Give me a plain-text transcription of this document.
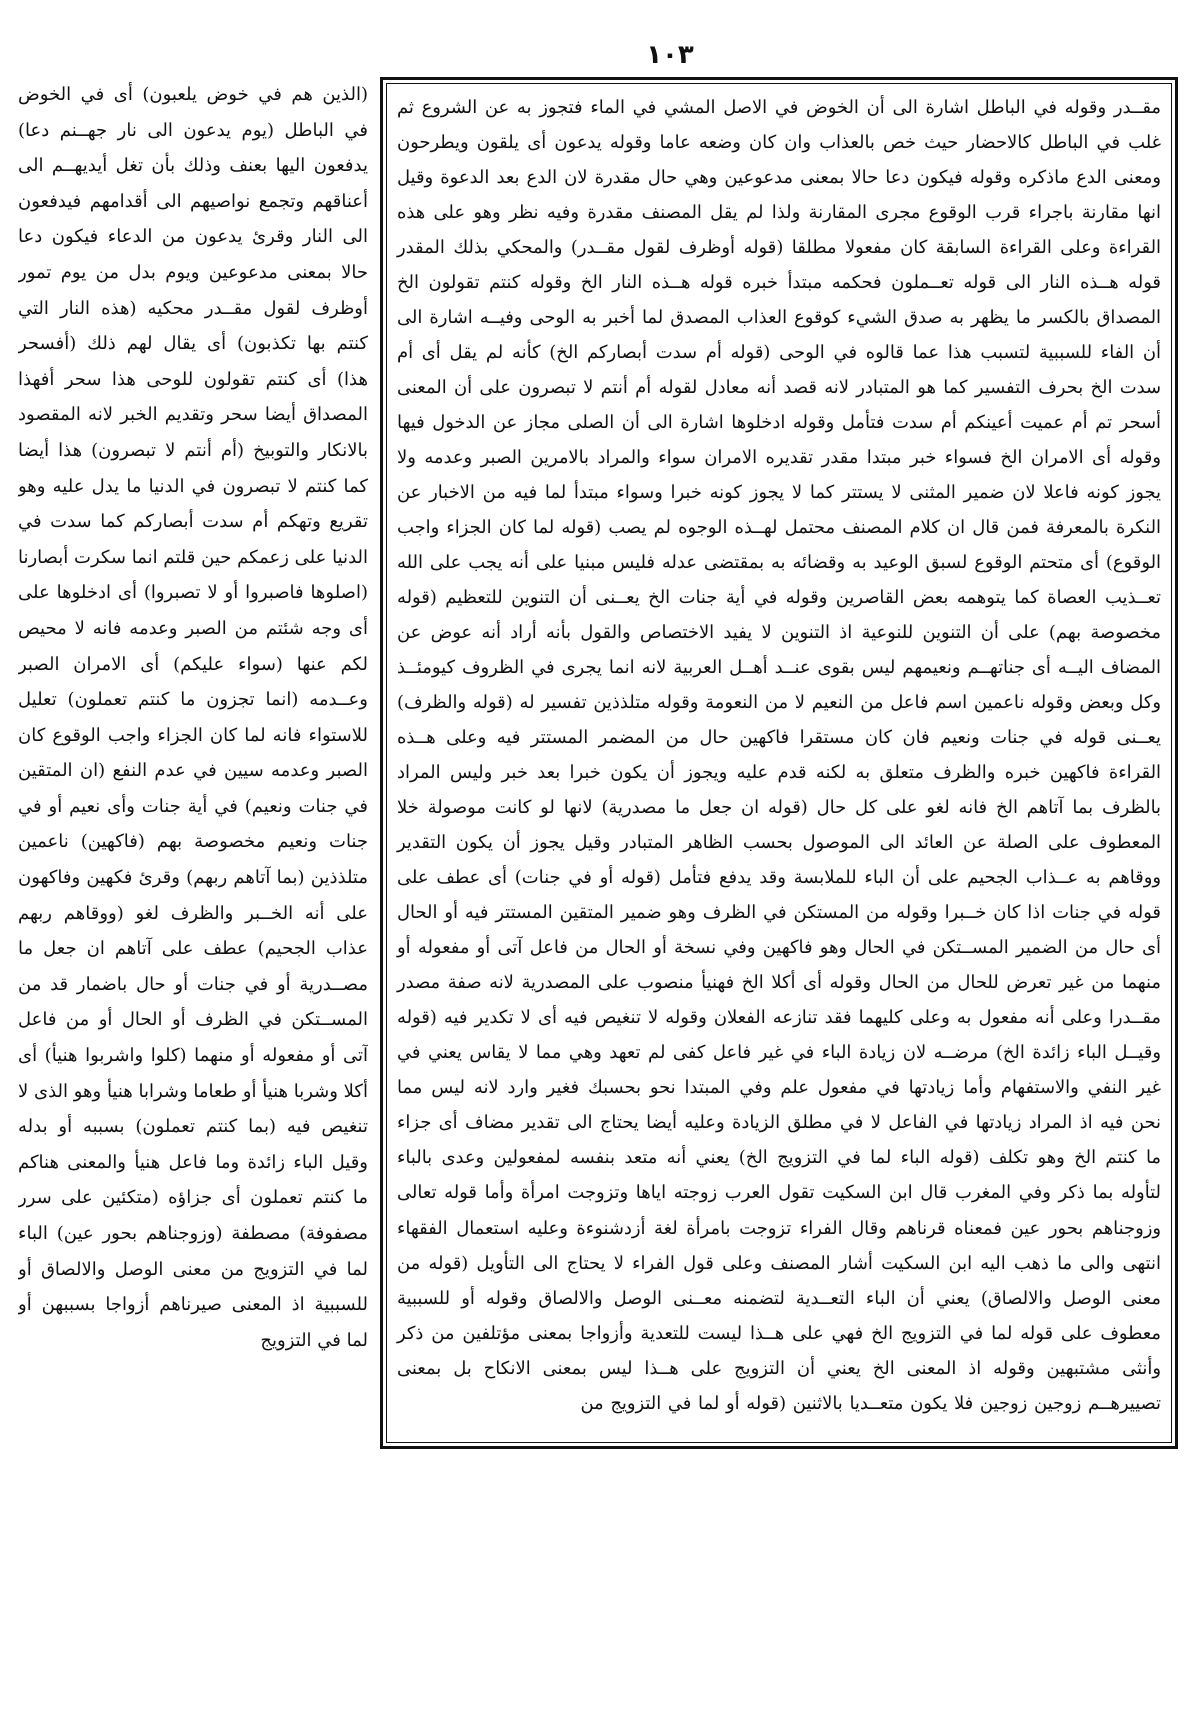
١٠٣

مقــدر وقوله في الباطل اشارة الى أن الخوض في الاصل المشي في الماء فتجوز به عن الشروع ثم غلب في الباطل كالاحضار حيث خص بالعذاب وان كان وضعه عاما وقوله يدعون أى يلقون ويطرحون ومعنى الدع ماذكره وقوله فيكون دعا حالا بمعنى مدعوعين وهي حال مقدرة لان الدع بعد الدعوة وقيل انها مقارنة باجراء قرب الوقوع مجرى المقارنة ولذا لم يقل المصنف مقدرة وفيه نظر وهو على هذه القراءة وعلى القراءة السابقة كان مفعولا مطلقا (قوله أوظرف لقول مقــدر) والمحكي بذلك المقدر قوله هــذه النار الى قوله تعــملون فحكمه مبتدأ خبره قوله هــذه النار الخ وقوله كنتم تقولون الخ المصداق بالكسر ما يظهر به صدق الشيء كوقوع العذاب المصدق لما أخبر به الوحى وفيــه اشارة الى أن الفاء للسببية لتسبب هذا عما قالوه في الوحى (قوله أم سدت أبصاركم الخ) كأنه لم يقل أى أم سدت الخ بحرف التفسير كما هو المتبادر لانه قصد أنه معادل لقوله أم أنتم لا تبصرون على أن المعنى أسحر تم أم عميت أعينكم أم سدت فتأمل وقوله ادخلوها اشارة الى أن الصلى مجاز عن الدخول فيها وقوله أى الامران الخ فسواء خبر مبتدا مقدر تقديره الامران سواء والمراد بالامرين الصبر وعدمه ولا يجوز كونه فاعلا لان ضمير المثنى لا يستتر كما لا يجوز كونه خبرا وسواء مبتدأ لما فيه من الاخبار عن النكرة بالمعرفة فمن قال ان كلام المصنف محتمل لهــذه الوجوه لم يصب (قوله لما كان الجزاء واجب الوقوع) أى متحتم الوقوع لسبق الوعيد به وقضائه به بمقتضى عدله فليس مبنيا على أنه يجب على الله تعــذيب العصاة كما يتوهمه بعض القاصرين وقوله في أية جنات الخ يعــنى أن التنوين للتعظيم (قوله مخصوصة بهم) على أن التنوين للنوعية اذ التنوين لا يفيد الاختصاص والقول بأنه أراد أنه عوض عن المضاف اليــه أى جناتهــم ونعيمهم ليس بقوى عنــد أهــل العربية لانه انما يجرى في الظروف كيومئــذ وكل وبعض وقوله ناعمين اسم فاعل من النعيم لا من النعومة وقوله متلذذين تفسير له (قوله والظرف) يعــنى قوله في جنات ونعيم فان كان مستقرا فاكهين حال من المضمر المستتر فيه وعلى هــذه القراءة فاكهين خبره والظرف متعلق به لكنه قدم عليه ويجوز أن يكون خبرا بعد خبر وليس المراد بالظرف بما آتاهم الخ فانه لغو على كل حال (قوله ان جعل ما مصدرية) لانها لو كانت موصولة خلا المعطوف على الصلة عن العائد الى الموصول بحسب الظاهر المتبادر وقيل يجوز أن يكون التقدير ووقاهم به عــذاب الجحيم على أن الباء للملابسة وقد يدفع فتأمل (قوله أو في جنات) أى عطف على قوله في جنات اذا كان خــبرا وقوله من المستكن في الظرف وهو ضمير المتقين المستتر فيه أو الحال أى حال من الضمير المســتكن في الحال وهو فاكهين وفي نسخة أو الحال من فاعل آتى أو مفعوله أو منهما من غير تعرض للحال من الحال وقوله أى أكلا الخ فهنيأ منصوب على المصدرية لانه صفة مصدر مقــدرا وعلى أنه مفعول به وعلى كليهما فقد تنازعه الفعلان وقوله لا تنغيص فيه أى لا تكدير فيه (قوله وقيــل الباء زائدة الخ) مرضــه لان زيادة الباء في غير فاعل كفى لم تعهد وهي مما لا يقاس يعني في غير النفي والاستفهام وأما زيادتها في مفعول علم وفي المبتدا نحو بحسبك فغير وارد لانه ليس مما نحن فيه اذ المراد زيادتها في الفاعل لا في مطلق الزيادة وعليه أيضا يحتاج الى تقدير مضاف أى جزاء ما كنتم الخ وهو تكلف (قوله الباء لما في التزويج الخ) يعني أنه متعد بنفسه لمفعولين وعدى بالباء لتأوله بما ذكر وفي المغرب قال ابن السكيت تقول العرب زوجته اياها وتزوجت امرأة وأما قوله تعالى وزوجناهم بحور عين فمعناه قرناهم وقال الفراء تزوجت بامرأة لغة أزدشنوءة وعليه استعمال الفقهاء انتهى والى ما ذهب اليه ابن السكيت أشار المصنف وعلى قول الفراء لا يحتاج الى التأويل (قوله من معنى الوصل والالصاق) يعني أن الباء التعــدية لتضمنه معــنى الوصل والالصاق وقوله أو للسببية معطوف على قوله لما في التزويج الخ فهي على هــذا ليست للتعدية وأزواجا بمعنى مؤتلفين من ذكر وأنثى مشتبهين وقوله اذ المعنى الخ يعني أن التزويج على هــذا ليس بمعنى الانكاح بل بمعنى تصييرهــم زوجين زوجين فلا يكون متعــديا بالاثنين (قوله أو لما في التزويج من

(الذين هم في خوض يلعبون) أى في الخوض في الباطل (يوم يدعون الى نار جهــنم دعا) يدفعون اليها بعنف وذلك بأن تغل أيديهــم الى أعناقهم وتجمع نواصيهم الى أقدامهم فيدفعون الى النار وقرئ يدعون من الدعاء فيكون دعا حالا بمعنى مدعوعين ويوم بدل من يوم تمور أوظرف لقول مقــدر محكيه (هذه النار التي كنتم بها تكذبون) أى يقال لهم ذلك (أفسحر هذا) أى كنتم تقولون للوحى هذا سحر أفهذا المصداق أيضا سحر وتقديم الخبر لانه المقصود بالانكار والتوبيخ (أم أنتم لا تبصرون) هذا أيضا كما كنتم لا تبصرون في الدنيا ما يدل عليه وهو تقريع وتهكم أم سدت أبصاركم كما سدت في الدنيا على زعمكم حين قلتم انما سكرت أبصارنا (اصلوها فاصبروا أو لا تصبروا) أى ادخلوها على أى وجه شئتم من الصبر وعدمه فانه لا محيص لكم عنها (سواء عليكم) أى الامران الصبر وعــدمه (انما تجزون ما كنتم تعملون) تعليل للاستواء فانه لما كان الجزاء واجب الوقوع كان الصبر وعدمه سيين في عدم النفع (ان المتقين في جنات ونعيم) في أية جنات وأى نعيم أو في جنات ونعيم مخصوصة بهم (فاكهين) ناعمين متلذذين (بما آتاهم ربهم) وقرئ فكهين وفاكهون على أنه الخــبر والظرف لغو (ووقاهم ربهم عذاب الجحيم) عطف على آتاهم ان جعل ما مصــدرية أو في جنات أو حال باضمار قد من المســتكن في الظرف أو الحال أو من فاعل آتى أو مفعوله أو منهما (كلوا واشربوا هنيأ) أى أكلا وشربا هنيأ أو طعاما وشرابا هنيأ وهو الذى لا تنغيص فيه (بما كنتم تعملون) بسببه أو بدله وقيل الباء زائدة وما فاعل هنيأ والمعنى هناكم ما كنتم تعملون أى جزاؤه (متكئين على سرر مصفوفة) مصطفة (وزوجناهم بحور عين) الباء لما في التزويج من معنى الوصل والالصاق أو للسببية اذ المعنى صيرناهم أزواجا بسببهن أو لما في التزويج
